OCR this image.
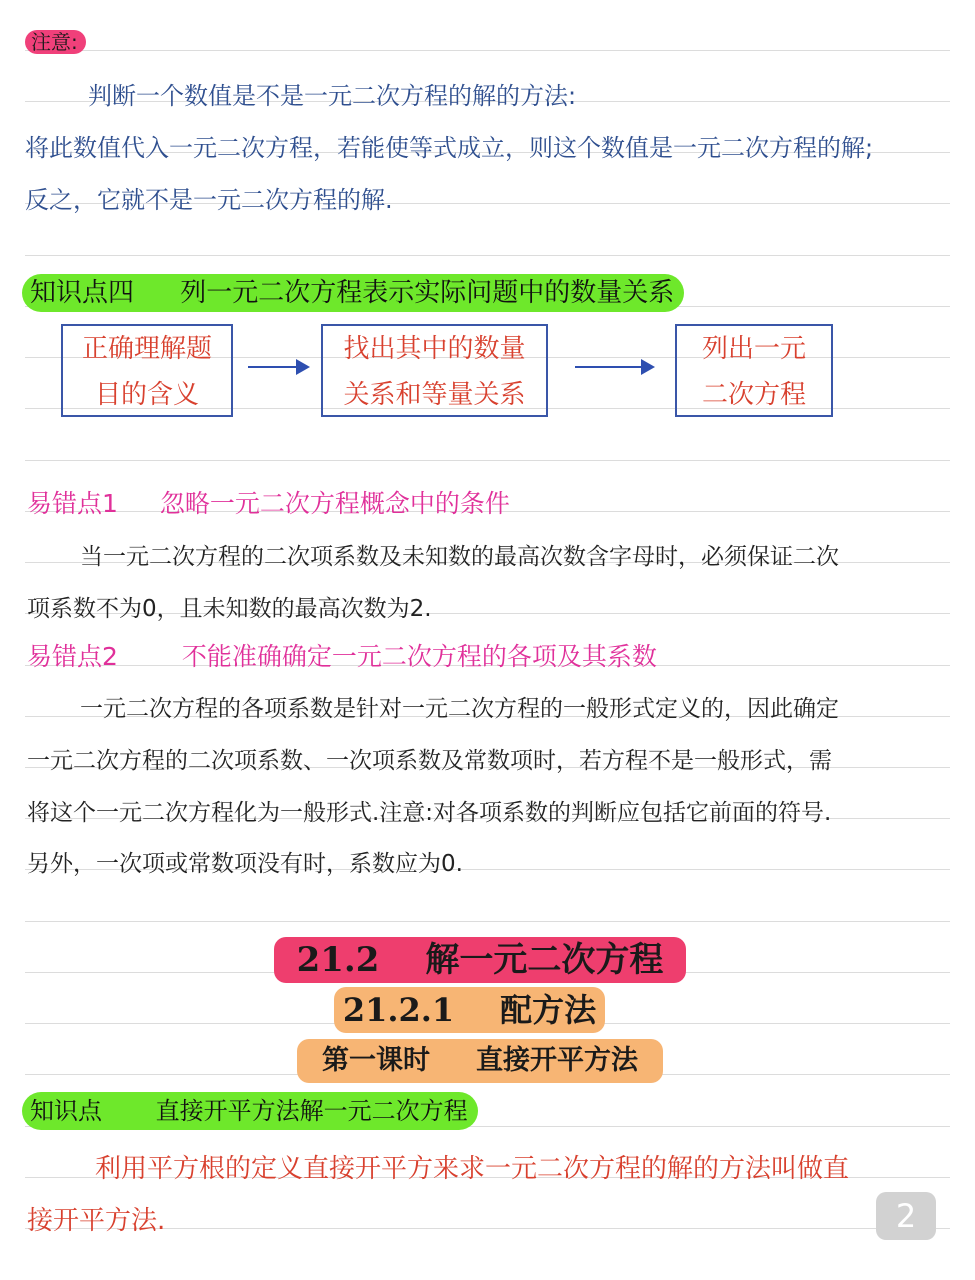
注意:
判断一个数值是不是一元二次方程的解的方法:
将此数值代入一元二次方程，若能使等式成立，则这个数值是一元二次方程的解;
反之，它就不是一元二次方程的解.
知识点四 列一元二次方程表示实际问题中的数量关系
正确理解题
目的含义
找出其中的数量
关系和等量关系
列出一元
二次方程
易错点1 忽略一元二次方程概念中的条件
当一元二次方程的二次项系数及未知数的最高次数含字母时，必须保证二次
项系数不为0，且未知数的最高次数为2.
易错点2	不能准确确定一元二次方程的各项及其系数
一元二次方程的各项系数是针对一元二次方程的一般形式定义的，因此确定
一元二次方程的二次项系数、一次项系数及常数项时，若方程不是一般形式，需
将这个一元二次方程化为一般形式.注意:对各项系数的判断应包括它前面的符号.
另外，一次项或常数项没有时，系数应为0.
21.2 解一元二次方程
21.2.1 配方法
第一课时 直接开平方法
知识点 直接开平方法解一元二次方程
利用平方根的定义直接开平方来求一元二次方程的解的方法叫做直
接开平方法.	2
